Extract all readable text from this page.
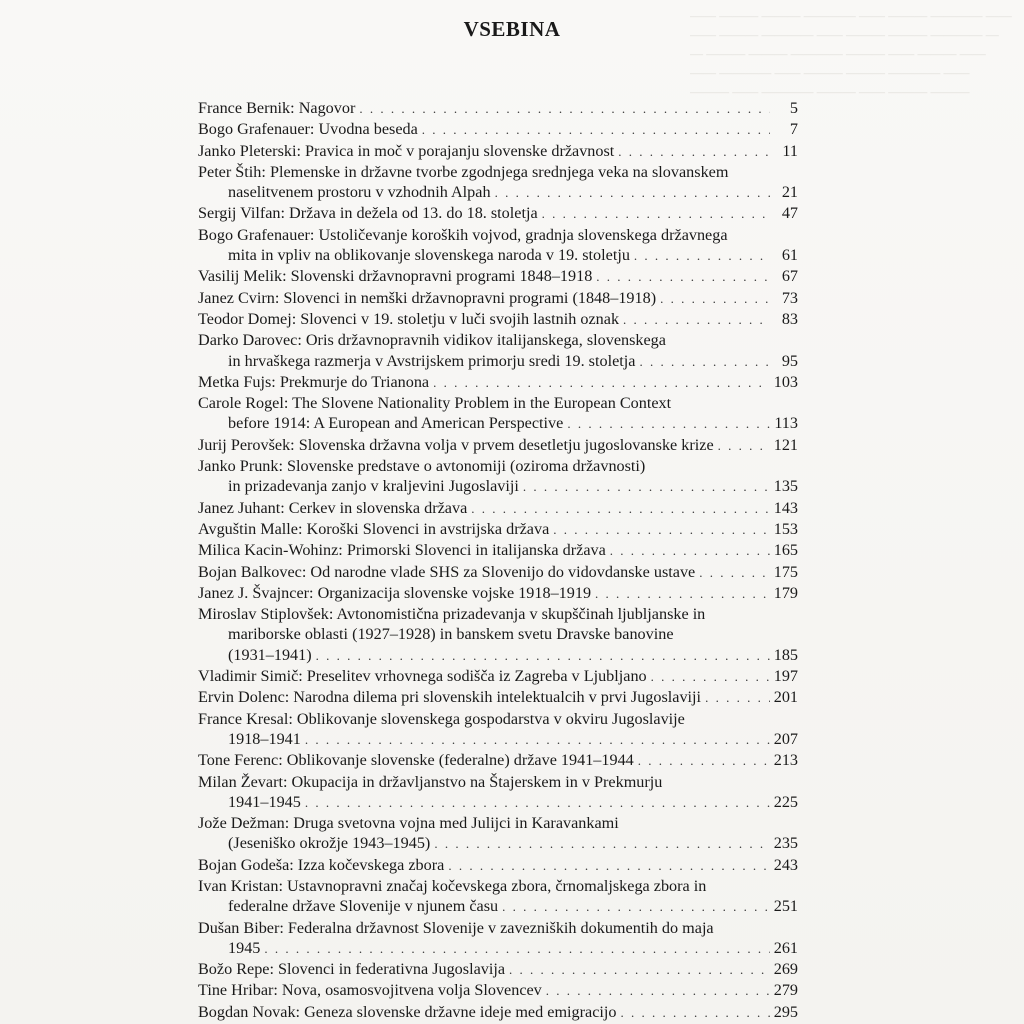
—— ——— ——— ———— —— ——— ———— ——
—— ——— ———— —— ——— ——— ———— —
— ——— ——— ———— ——— —— ——— ——
—— ———— —— ——— ——— ———— ——
——— —— ———— ——— —— ——— ———
VSEBINA
France Bernik: Nagovor . . .	5
Bogo Grafenauer: Uvodna beseda . . .	7
Janko Pleterski: Pravica in moč v porajanju slovenske državnost . . .	11
Peter Štih: Plemenske in državne tvorbe zgodnjega srednjega veka na slovanskem
naselitvenem prostoru v vzhodnih Alpah . . .	21
Sergij Vilfan: Država in dežela od 13. do 18. stoletja . . .	47
Bogo Grafenauer: Ustoličevanje koroških vojvod, gradnja slovenskega državnega
mita in vpliv na oblikovanje slovenskega naroda v 19. stoletju . . .	61
Vasilij Melik: Slovenski državnopravni programi 1848–1918 . . .	67
Janez Cvirn: Slovenci in nemški državnopravni programi (1848–1918) . . .	73
Teodor Domej: Slovenci v 19. stoletju v luči svojih lastnih oznak . . .	83
Darko Darovec: Oris državnopravnih vidikov italijanskega, slovenskega
in hrvaškega razmerja v Avstrijskem primorju sredi 19. stoletja . . .	95
Metka Fujs: Prekmurje do Trianona . . .	103
Carole Rogel: The Slovene Nationality Problem in the European Context
before 1914: A European and American Perspective . . .	113
Jurij Perovšek: Slovenska državna volja v prvem desetletju jugoslovanske krize . . .	121
Janko Prunk: Slovenske predstave o avtonomiji (oziroma državnosti)
in prizadevanja zanjo v kraljevini Jugoslaviji . . .	135
Janez Juhant: Cerkev in slovenska država . . .	143
Avguštin Malle: Koroški Slovenci in avstrijska država . . .	153
Milica Kacin-Wohinz: Primorski Slovenci in italijanska država . . .	165
Bojan Balkovec: Od narodne vlade SHS za Slovenijo do vidovdanske ustave . . .	175
Janez J. Švajncer: Organizacija slovenske vojske 1918–1919 . . .	179
Miroslav Stiplovšek: Avtonomistična prizadevanja v skupščinah ljubljanske in
mariborske oblasti (1927–1928) in banskem svetu Dravske banovine
(1931–1941) . . .	185
Vladimir Simič: Preselitev vrhovnega sodišča iz Zagreba v Ljubljano . . .	197
Ervin Dolenc: Narodna dilema pri slovenskih intelektualcih v prvi Jugoslaviji . . .	201
France Kresal: Oblikovanje slovenskega gospodarstva v okviru Jugoslavije
1918–1941 . . .	207
Tone Ferenc: Oblikovanje slovenske (federalne) države 1941–1944 . . .	213
Milan Ževart: Okupacija in državljanstvo na Štajerskem in v Prekmurju
1941–1945 . . .	225
Jože Dežman: Druga svetovna vojna med Julijci in Karavankami
(Jeseniško okrožje 1943–1945) . . .	235
Bojan Godeša: Izza kočevskega zbora . . .	243
Ivan Kristan: Ustavnopravni značaj kočevskega zbora, črnomaljskega zbora in
federalne države Slovenije v njunem času . . .	251
Dušan Biber: Federalna državnost Slovenije v zavezniških dokumentih do maja
1945 . . .	261
Božo Repe: Slovenci in federativna Jugoslavija . . .	269
Tine Hribar: Nova, osamosvojitvena volja Slovencev . . .	279
Bogdan Novak: Geneza slovenske državne ideje med emigracijo . . .	295
